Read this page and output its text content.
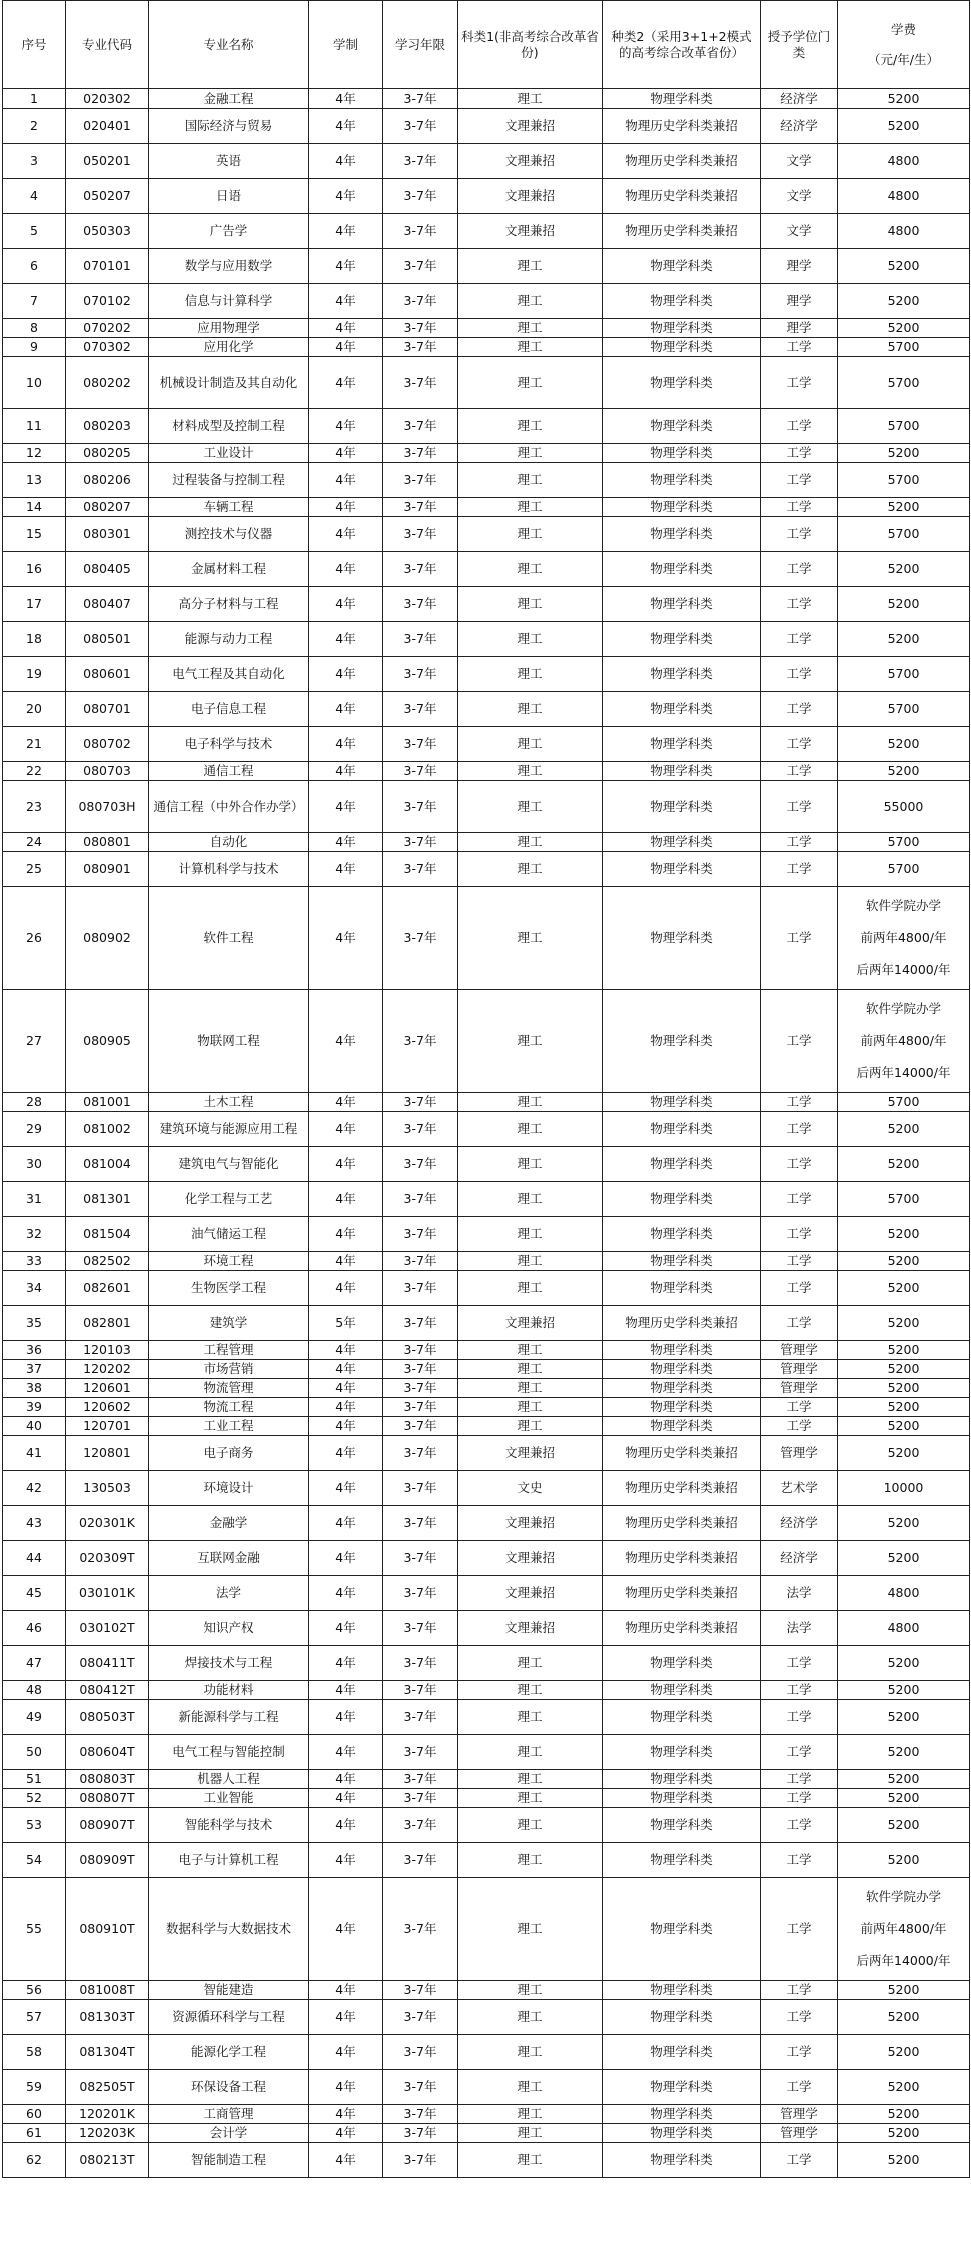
序号	专业代码	专业名称	学制	学习年限	科类1(非高考综合改革省份)	种类2（采用3+1+2模式的高考综合改革省份）	授予学位门类	学费
（元/年/生）

1	020302	金融工程	4年	3-7年	理工	物理学科类	经济学	5200
2	020401	国际经济与贸易	4年	3-7年	文理兼招	物理历史学科类兼招	经济学	5200
3	050201	英语	4年	3-7年	文理兼招	物理历史学科类兼招	文学	4800
4	050207	日语	4年	3-7年	文理兼招	物理历史学科类兼招	文学	4800
5	050303	广告学	4年	3-7年	文理兼招	物理历史学科类兼招	文学	4800
6	070101	数学与应用数学	4年	3-7年	理工	物理学科类	理学	5200
7	070102	信息与计算科学	4年	3-7年	理工	物理学科类	理学	5200
8	070202	应用物理学	4年	3-7年	理工	物理学科类	理学	5200
9	070302	应用化学	4年	3-7年	理工	物理学科类	工学	5700
10	080202	机械设计制造及其自动化	4年	3-7年	理工	物理学科类	工学	5700
11	080203	材料成型及控制工程	4年	3-7年	理工	物理学科类	工学	5700
12	080205	工业设计	4年	3-7年	理工	物理学科类	工学	5200
13	080206	过程装备与控制工程	4年	3-7年	理工	物理学科类	工学	5700
14	080207	车辆工程	4年	3-7年	理工	物理学科类	工学	5200
15	080301	测控技术与仪器	4年	3-7年	理工	物理学科类	工学	5700
16	080405	金属材料工程	4年	3-7年	理工	物理学科类	工学	5200
17	080407	高分子材料与工程	4年	3-7年	理工	物理学科类	工学	5200
18	080501	能源与动力工程	4年	3-7年	理工	物理学科类	工学	5200
19	080601	电气工程及其自动化	4年	3-7年	理工	物理学科类	工学	5700
20	080701	电子信息工程	4年	3-7年	理工	物理学科类	工学	5700
21	080702	电子科学与技术	4年	3-7年	理工	物理学科类	工学	5200
22	080703	通信工程	4年	3-7年	理工	物理学科类	工学	5200
23	080703H	通信工程（中外合作办学）	4年	3-7年	理工	物理学科类	工学	55000
24	080801	自动化	4年	3-7年	理工	物理学科类	工学	5700
25	080901	计算机科学与技术	4年	3-7年	理工	物理学科类	工学	5700
26	080902	软件工程	4年	3-7年	理工	物理学科类	工学	软件学院办学
前两年4800/年
后两年14000/年

27	080905	物联网工程	4年	3-7年	理工	物理学科类	工学	软件学院办学
前两年4800/年
后两年14000/年

28	081001	土木工程	4年	3-7年	理工	物理学科类	工学	5700
29	081002	建筑环境与能源应用工程	4年	3-7年	理工	物理学科类	工学	5200
30	081004	建筑电气与智能化	4年	3-7年	理工	物理学科类	工学	5200
31	081301	化学工程与工艺	4年	3-7年	理工	物理学科类	工学	5700
32	081504	油气储运工程	4年	3-7年	理工	物理学科类	工学	5200
33	082502	环境工程	4年	3-7年	理工	物理学科类	工学	5200
34	082601	生物医学工程	4年	3-7年	理工	物理学科类	工学	5200
35	082801	建筑学	5年	3-7年	文理兼招	物理历史学科类兼招	工学	5200
36	120103	工程管理	4年	3-7年	理工	物理学科类	管理学	5200
37	120202	市场营销	4年	3-7年	理工	物理学科类	管理学	5200
38	120601	物流管理	4年	3-7年	理工	物理学科类	管理学	5200
39	120602	物流工程	4年	3-7年	理工	物理学科类	工学	5200
40	120701	工业工程	4年	3-7年	理工	物理学科类	工学	5200
41	120801	电子商务	4年	3-7年	文理兼招	物理历史学科类兼招	管理学	5200
42	130503	环境设计	4年	3-7年	文史	物理历史学科类兼招	艺术学	10000
43	020301K	金融学	4年	3-7年	文理兼招	物理历史学科类兼招	经济学	5200
44	020309T	互联网金融	4年	3-7年	文理兼招	物理历史学科类兼招	经济学	5200
45	030101K	法学	4年	3-7年	文理兼招	物理历史学科类兼招	法学	4800
46	030102T	知识产权	4年	3-7年	文理兼招	物理历史学科类兼招	法学	4800
47	080411T	焊接技术与工程	4年	3-7年	理工	物理学科类	工学	5200
48	080412T	功能材料	4年	3-7年	理工	物理学科类	工学	5200
49	080503T	新能源科学与工程	4年	3-7年	理工	物理学科类	工学	5200
50	080604T	电气工程与智能控制	4年	3-7年	理工	物理学科类	工学	5200
51	080803T	机器人工程	4年	3-7年	理工	物理学科类	工学	5200
52	080807T	工业智能	4年	3-7年	理工	物理学科类	工学	5200
53	080907T	智能科学与技术	4年	3-7年	理工	物理学科类	工学	5200
54	080909T	电子与计算机工程	4年	3-7年	理工	物理学科类	工学	5200
55	080910T	数据科学与大数据技术	4年	3-7年	理工	物理学科类	工学	软件学院办学
前两年4800/年
后两年14000/年

56	081008T	智能建造	4年	3-7年	理工	物理学科类	工学	5200
57	081303T	资源循环科学与工程	4年	3-7年	理工	物理学科类	工学	5200
58	081304T	能源化学工程	4年	3-7年	理工	物理学科类	工学	5200
59	082505T	环保设备工程	4年	3-7年	理工	物理学科类	工学	5200
60	120201K	工商管理	4年	3-7年	理工	物理学科类	管理学	5200
61	120203K	会计学	4年	3-7年	理工	物理学科类	管理学	5200
62	080213T	智能制造工程	4年	3-7年	理工	物理学科类	工学	5200
